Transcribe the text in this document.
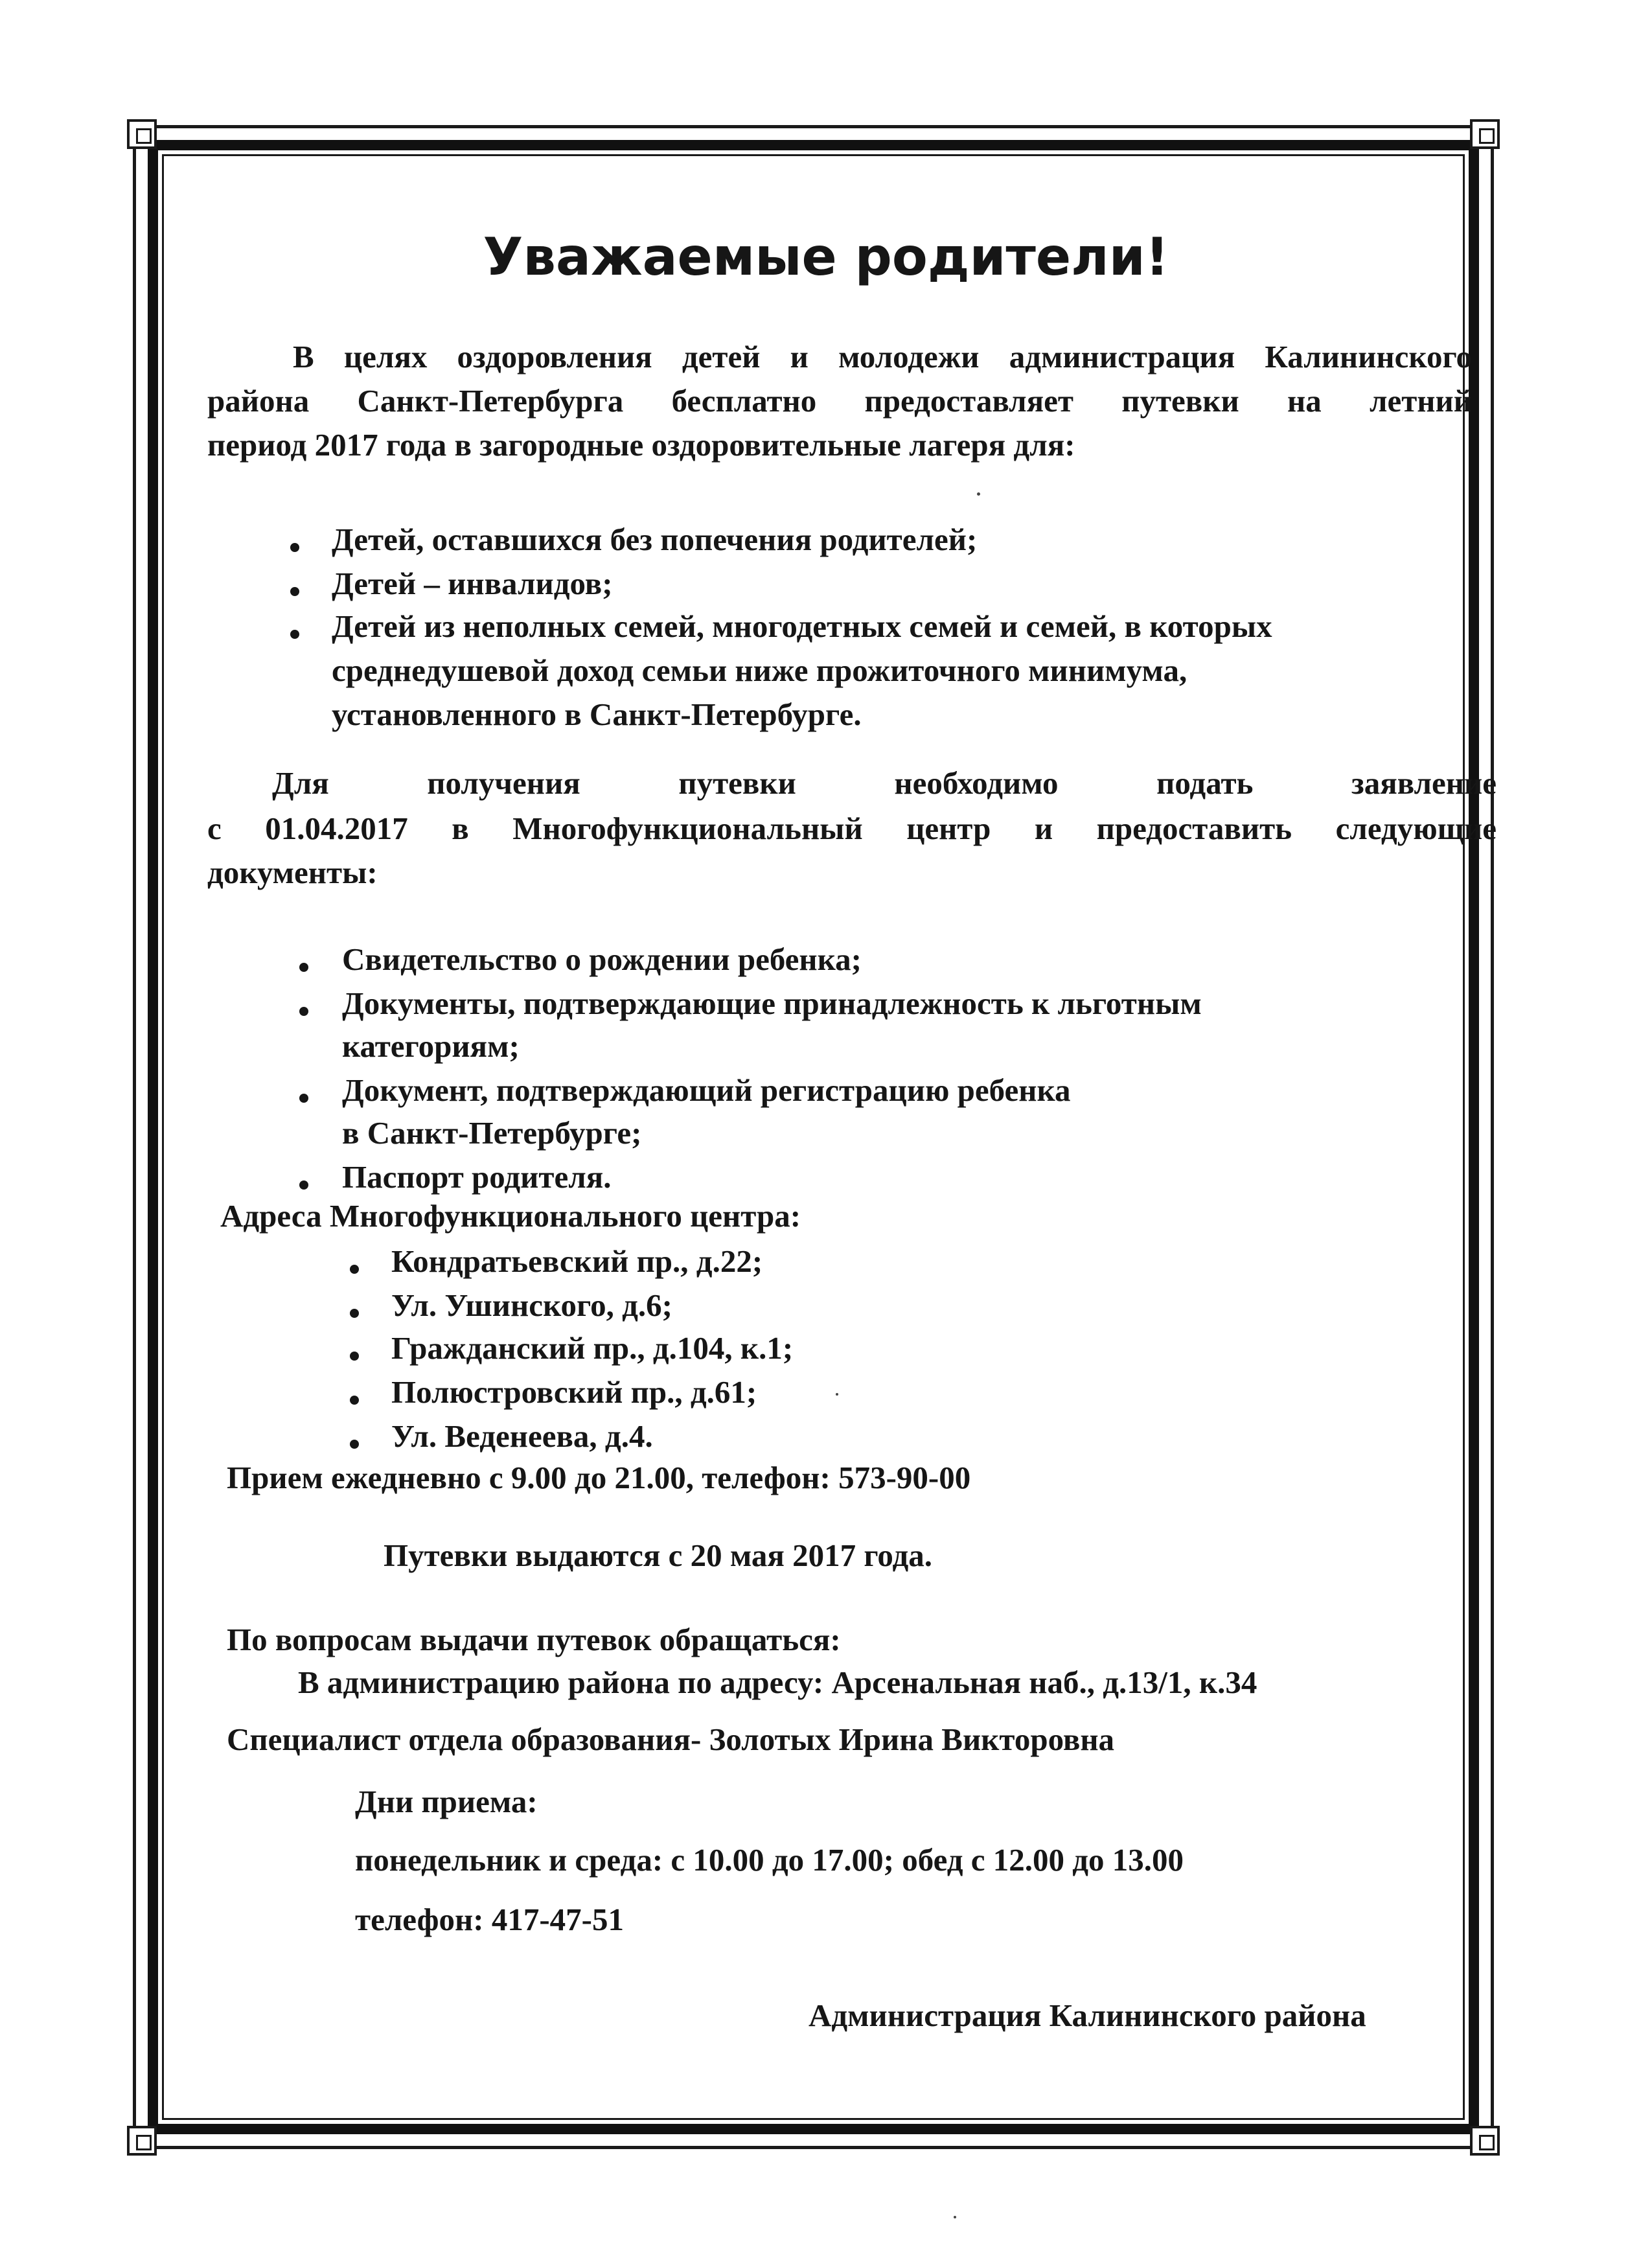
Уважаемые родители!
В целях оздоровления детей и молодежи администрация Калининского
района Санкт-Петербурга бесплатно предоставляет путевки на летний
период 2017 года в загородные оздоровительные лагеря для:
Детей, оставшихся без попечения родителей;
Детей – инвалидов;
Детей из неполных семей, многодетных семей и семей, в которых
среднедушевой доход семьи ниже прожиточного минимума,
установленного в Санкт-Петербурге.
Для получения путевки необходимо подать заявление
с 01.04.2017 в Многофункциональный центр и предоставить следующие
документы:
Свидетельство о рождении ребенка;
Документы, подтверждающие принадлежность к льготным
категориям;
Документ, подтверждающий регистрацию ребенка
в Санкт-Петербурге;
Паспорт родителя.
Адреса Многофункционального центра:
Кондратьевский пр., д.22;
Ул. Ушинского, д.6;
Гражданский пр., д.104, к.1;
Полюстровский пр., д.61;
Ул. Веденеева, д.4.
Прием ежедневно с 9.00 до 21.00, телефон: 573-90-00
Путевки выдаются с 20 мая 2017 года.
По вопросам выдачи путевок обращаться:
В администрацию района по адресу: Арсенальная наб., д.13/1, к.34
Специалист отдела образования- Золотых Ирина Викторовна
Дни приема:
понедельник и среда: с 10.00 до 17.00; обед с 12.00 до 13.00
телефон: 417-47-51
Администрация Калининского района
